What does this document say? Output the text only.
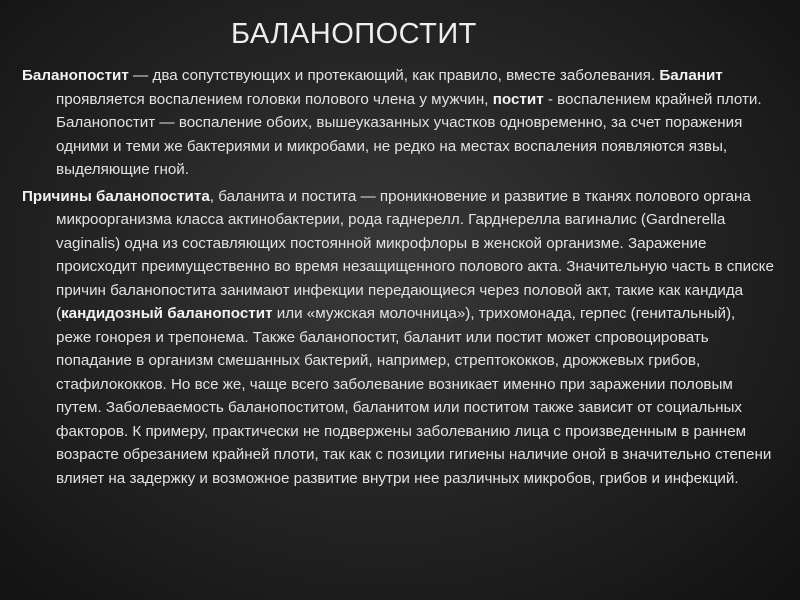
БАЛАНОПОСТИТ

Баланопостит — два сопутствующих и протекающий, как правило, вместе заболевания. Баланит проявляется воспалением головки полового члена у мужчин, постит - воспалением крайней плоти. Баланопостит — воспаление обоих, вышеуказанных участков одновременно, за счет поражения одними и теми же бактериями и микробами, не редко на местах воспаления появляются язвы, выделяющие гной.

Причины баланопостита, баланита и постита — проникновение и развитие в тканях полового органа микроорганизма класса актинобактерии, рода гаднерелл. Гарднерелла вагиналис (Gardnerella vaginalis) одна из составляющих постоянной микрофлоры в женской организме. Заражение происходит преимущественно во время незащищенного полового акта. Значительную часть в списке причин баланопостита занимают инфекции передающиеся через половой акт, такие как кандида (кандидозный баланопостит или «мужская молочница»), трихомонада, герпес (генитальный), реже гонорея и трепонема. Также баланопостит, баланит или постит может спровоцировать попадание в организм смешанных бактерий, например, стрептококков, дрожжевых грибов, стафилококков. Но все же, чаще всего заболевание возникает именно при заражении половым путем. Заболеваемость баланопоститом, баланитом или поститом также зависит от социальных факторов. К примеру, практически не подвержены заболеванию лица с произведенным в раннем возрасте обрезанием крайней плоти, так как с позиции гигиены наличие оной в значительно степени влияет на задержку и возможное развитие внутри нее различных микробов, грибов и инфекций.
